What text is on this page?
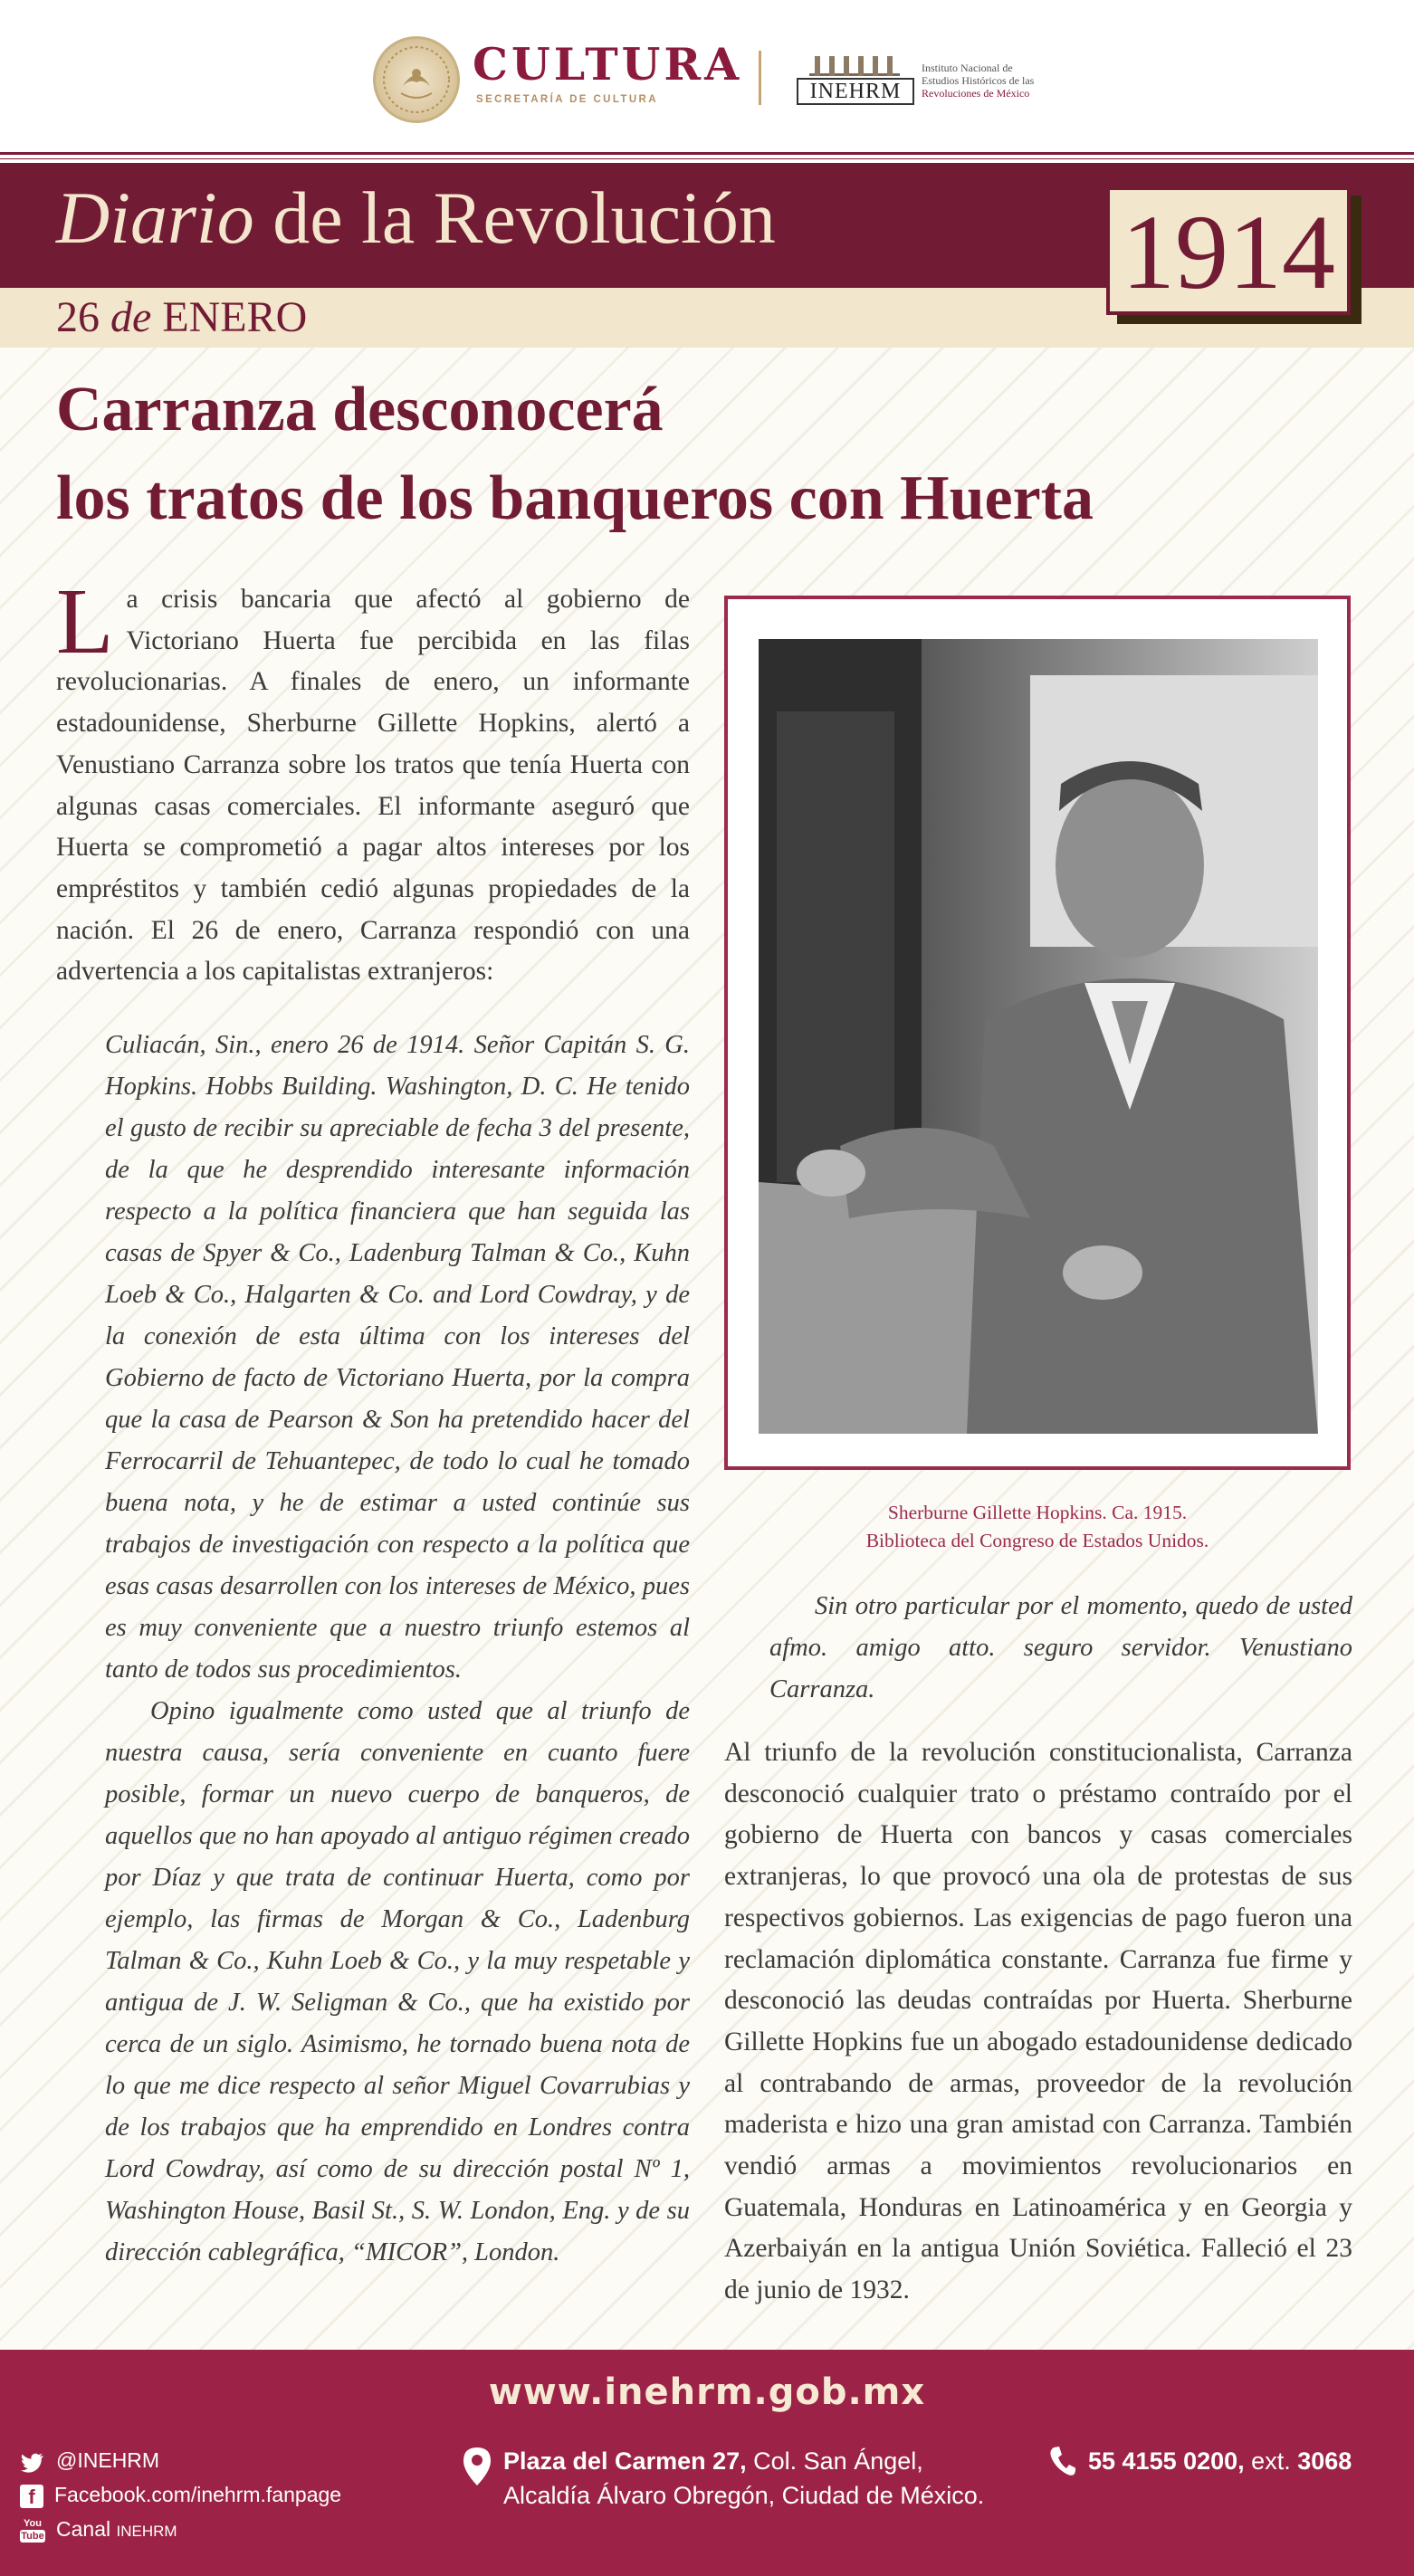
CULTURA
SECRETARÍA DE CULTURA	INEHRM
Instituto Nacional de
Estudios Históricos de las
Revoluciones de México
Diario de la Revolución
26 de ENERO
1914
Carranza desconocerá
los tratos de los banqueros con Huerta
La crisis bancaria que afectó al gobierno de Victoriano Huerta fue percibida en las filas revolucionarias. A finales de enero, un informante estadounidense, Sherburne Gillette Hopkins, alertó a Venustiano Carranza sobre los tratos que tenía Huerta con algunas casas comerciales. El informante aseguró que Huerta se comprometió a pagar altos intereses por los empréstitos y también cedió algunas propiedades de la nación. El 26 de enero, Carranza respondió con una advertencia a los capitalistas extranjeros:

Culiacán, Sin., enero 26 de 1914. Señor Capitán S. G. Hopkins. Hobbs Building. Washington, D. C. He tenido el gusto de recibir su apreciable de fecha 3 del presente, de la que he desprendido interesante información respecto a la política financiera que han seguida las casas de Spyer & Co., Ladenburg Talman & Co., Kuhn Loeb & Co., Halgarten & Co. and Lord Cowdray, y de la conexión de esta última con los intereses del Gobierno de facto de Victoriano Huerta, por la compra que la casa de Pearson & Son ha pretendido hacer del Ferrocarril de Tehuantepec, de todo lo cual he tomado buena nota, y he de estimar a usted continúe sus trabajos de investigación con respecto a la política que esas casas desarrollen con los intereses de México, pues es muy conveniente que a nuestro triunfo estemos al tanto de todos sus procedimientos.

Opino igualmente como usted que al triunfo de nuestra causa, sería conveniente en cuanto fuere posible, formar un nuevo cuerpo de banqueros, de aquellos que no han apoyado al antiguo régimen creado por Díaz y que trata de continuar Huerta, como por ejemplo, las firmas de Morgan & Co., Ladenburg Talman & Co., Kuhn Loeb & Co., y la muy respetable y antigua de J. W. Seligman & Co., que ha existido por cerca de un siglo. Asimismo, he tornado buena nota de lo que me dice respecto al señor Miguel Covarrubias y de los trabajos que ha emprendido en Londres contra Lord Cowdray, así como de su dirección postal Nº 1, Washington House, Basil St., S. W. London, Eng. y de su dirección cablegráfica, “MICOR”, London.

Sherburne Gillette Hopkins. Ca. 1915.
Biblioteca del Congreso de Estados Unidos.
Sin otro particular por el momento, quedo de usted afmo. amigo atto. seguro servidor. Venustiano Carranza.
Al triunfo de la revolución constitucionalista, Carranza desconoció cualquier trato o préstamo contraído por el gobierno de Huerta con bancos y casas comerciales extranjeras, lo que provocó una ola de protestas de sus respectivos gobiernos. Las exigencias de pago fueron una reclamación diplomática constante. Carranza fue firme y desconoció las deudas contraídas por Huerta. Sherburne Gillette Hopkins fue un abogado estadounidense dedicado al contrabando de armas, proveedor de la revolución maderista e hizo una gran amistad con Carranza. También vendió armas a movimientos revolucionarios en Guatemala, Honduras en Latinoamérica y en Georgia y Azerbaiyán en la antigua Unión Soviética. Falleció el 23 de junio de 1932.
www.inehrm.gob.mx
@INEHRM
f Facebook.com/inehrm.fanpage
You
Tube Canal INEHRM
Plaza del Carmen 27, Col. San Ángel,
Alcaldía Álvaro Obregón, Ciudad de México.
55 4155 0200, ext. 3068
